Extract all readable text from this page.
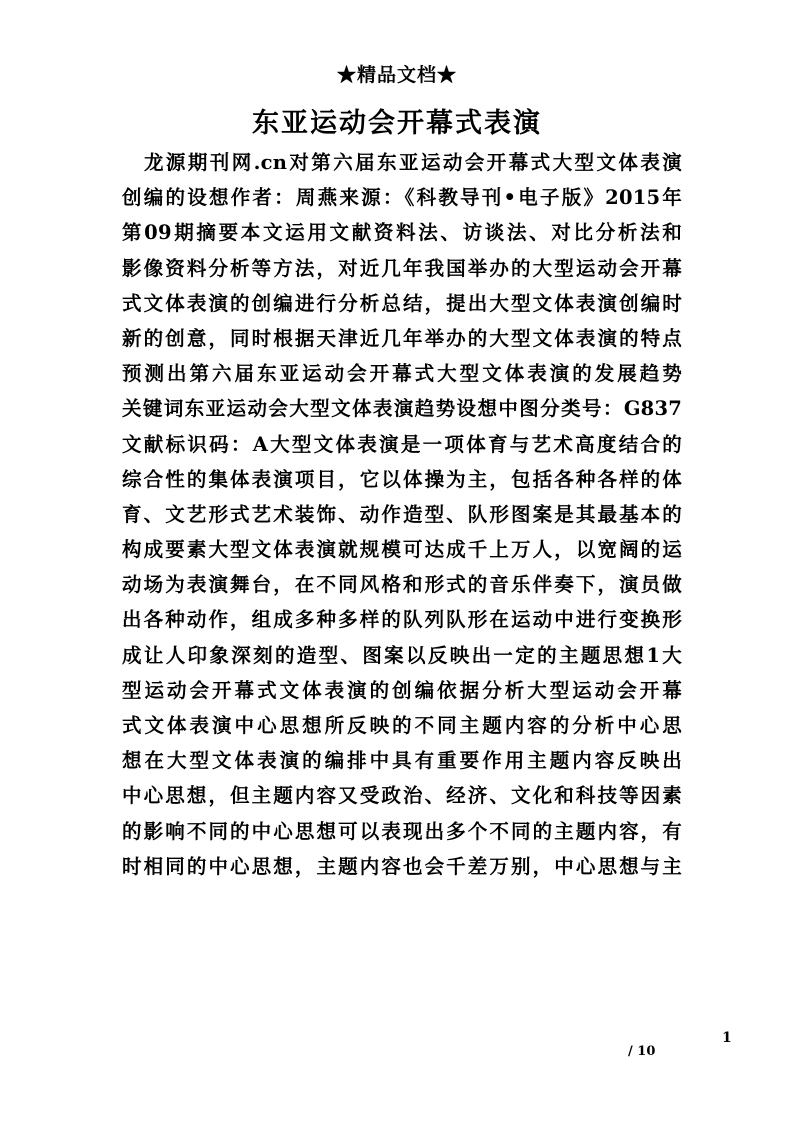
★精品文档★
东亚运动会开幕式表演
　龙源期刊网.cn对第六届东亚运动会开幕式大型文体表演
创编的设想作者：周燕来源：《科教导刊•电子版》2015年
第09期摘要本文运用文献资料法、访谈法、对比分析法和
影像资料分析等方法，对近几年我国举办的大型运动会开幕
式文体表演的创编进行分析总结，提出大型文体表演创编时
新的创意，同时根据天津近几年举办的大型文体表演的特点
预测出第六届东亚运动会开幕式大型文体表演的发展趋势
关键词东亚运动会大型文体表演趋势设想中图分类号：G837
文献标识码：A大型文体表演是一项体育与艺术高度结合的
综合性的集体表演项目，它以体操为主，包括各种各样的体
育、文艺形式艺术装饰、动作造型、队形图案是其最基本的
构成要素大型文体表演就规模可达成千上万人，以宽阔的运
动场为表演舞台，在不同风格和形式的音乐伴奏下，演员做
出各种动作，组成多种多样的队列队形在运动中进行变换形
成让人印象深刻的造型、图案以反映出一定的主题思想1大
型运动会开幕式文体表演的创编依据分析大型运动会开幕
式文体表演中心思想所反映的不同主题内容的分析中心思
想在大型文体表演的编排中具有重要作用主题内容反映出
中心思想，但主题内容又受政治、经济、文化和科技等因素
的影响不同的中心思想可以表现出多个不同的主题内容，有
时相同的中心思想，主题内容也会千差万别，中心思想与主
1
/ 10
